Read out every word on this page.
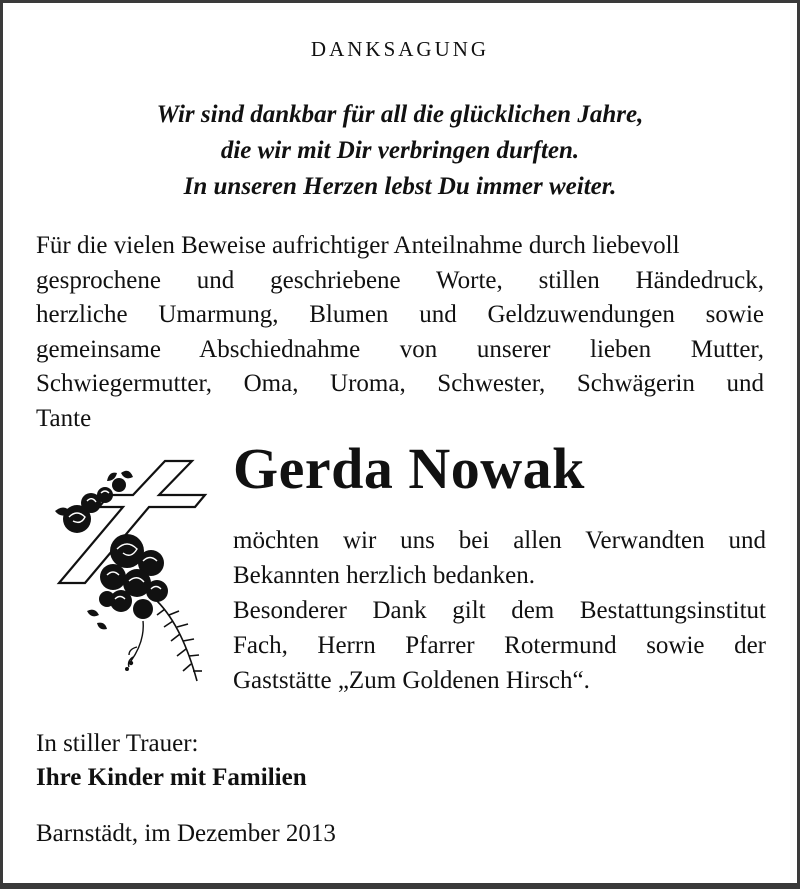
DANKSAGUNG
Wir sind dankbar für all die glücklichen Jahre,
die wir mit Dir verbringen durften.
In unseren Herzen lebst Du immer weiter.
Für die vielen Beweise aufrichtiger Anteilnahme durch liebevoll
gesprochene und geschriebene Worte, stillen Händedruck,
herzliche Umarmung, Blumen und Geldzuwendungen sowie
gemeinsame Abschiednahme von unserer lieben Mutter,
Schwiegermutter, Oma, Uroma, Schwester, Schwägerin und
Tante
Gerda Nowak
möchten wir uns bei allen Verwandten und
Bekannten herzlich bedanken.
Besonderer Dank gilt dem Bestattungsinstitut
Fach, Herrn Pfarrer Rotermund sowie der
Gaststätte „Zum Goldenen Hirsch“.
In stiller Trauer:
Ihre Kinder mit Familien
Barnstädt, im Dezember 2013
